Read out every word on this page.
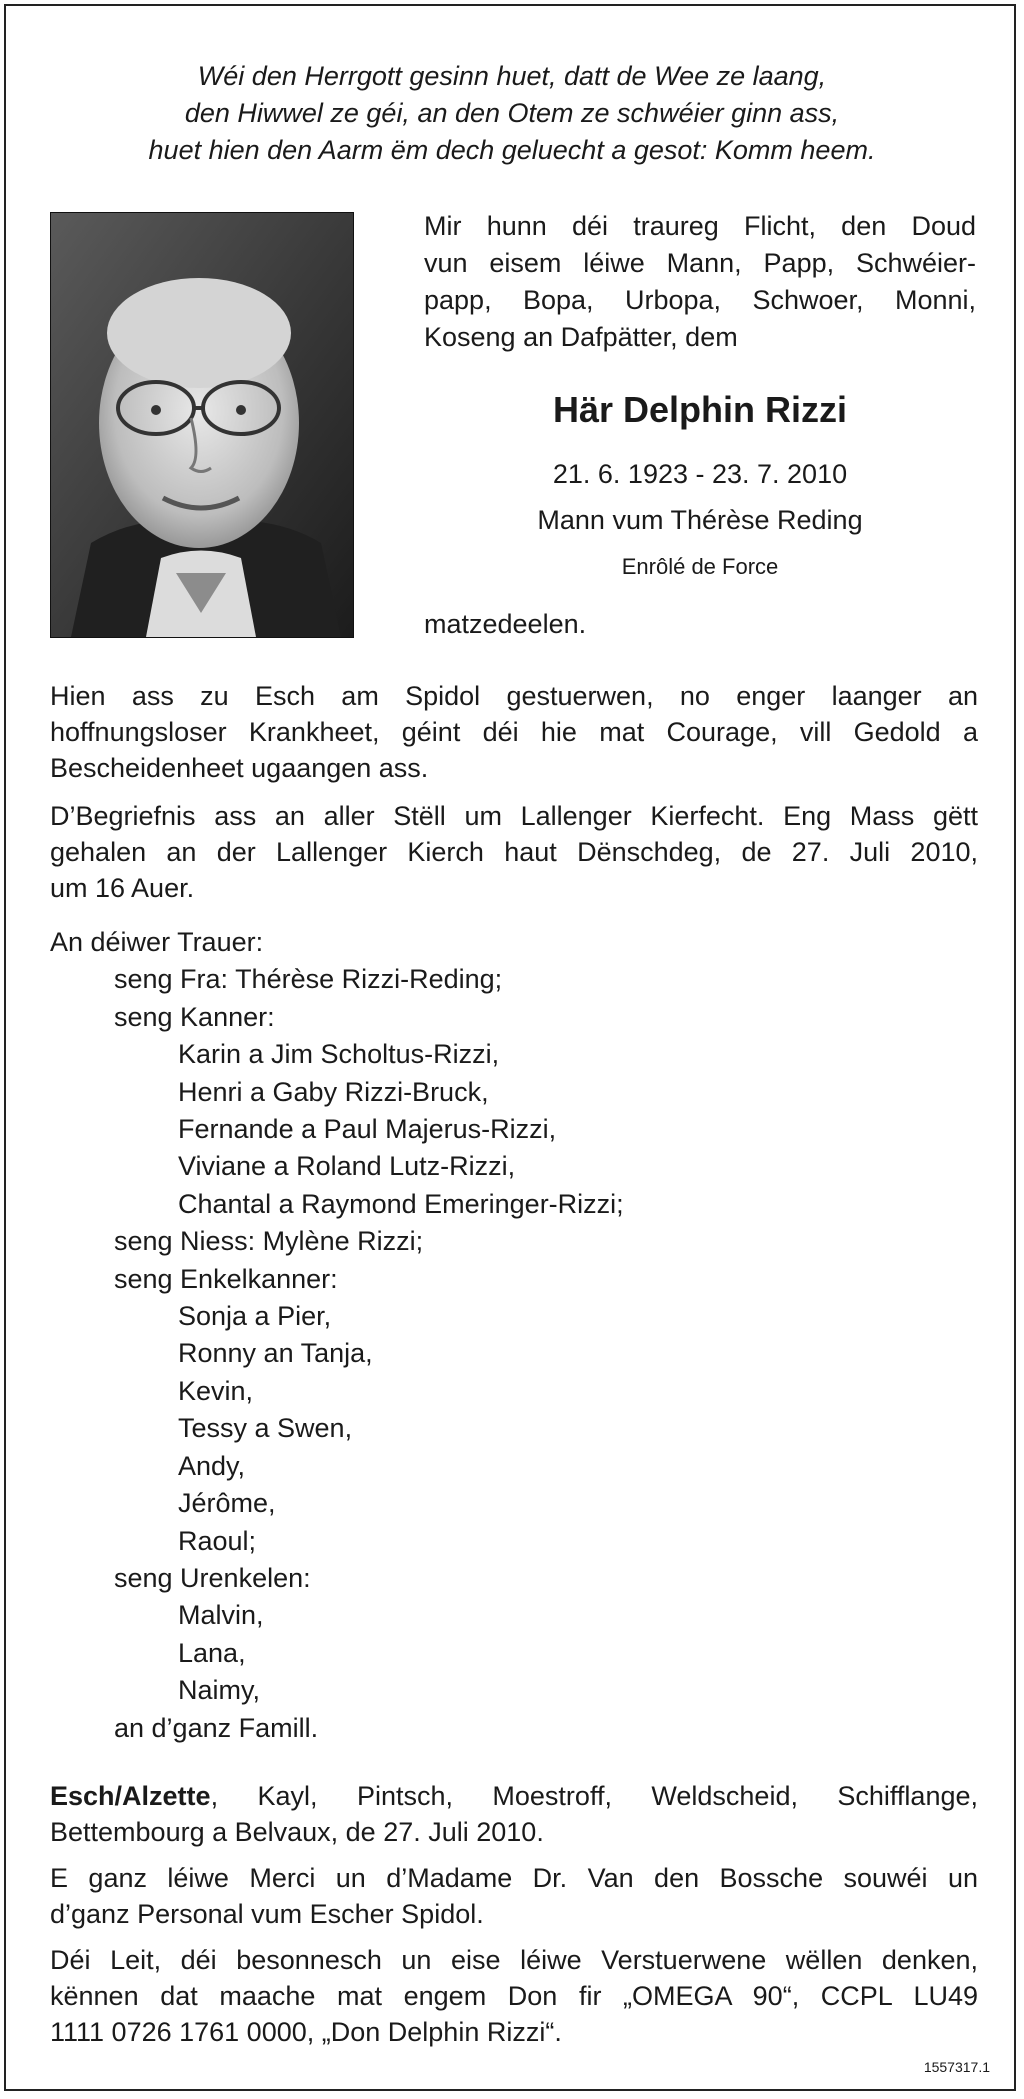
Wéi den Herrgott gesinn huet, datt de Wee ze laang,
den Hiwwel ze géi, an den Otem ze schwéier ginn ass,
huet hien den Aarm ëm dech geluecht a gesot: Komm heem.
Mir hunn déi traureg Flicht, den Doud
vun eisem léiwe Mann, Papp, Schwéier-
papp, Bopa, Urbopa, Schwoer, Monni,
Koseng an Dafpätter, dem
Här Delphin Rizzi
21. 6. 1923 - 23. 7. 2010
Mann vum Thérèse Reding
Enrôlé de Force
matzedeelen.
Hien ass zu Esch am Spidol gestuerwen, no enger laanger an
hoffnungsloser Krankheet, géint déi hie mat Courage, vill Gedold a
Bescheidenheet ugaangen ass.
D’Begriefnis ass an aller Stëll um Lallenger Kierfecht. Eng Mass gëtt
gehalen an der Lallenger Kierch haut Dënschdeg, de 27. Juli 2010,
um 16 Auer.
An déiwer Trauer:
seng Fra: Thérèse Rizzi-Reding;
seng Kanner:
Karin a Jim Scholtus-Rizzi,
Henri a Gaby Rizzi-Bruck,
Fernande a Paul Majerus-Rizzi,
Viviane a Roland Lutz-Rizzi,
Chantal a Raymond Emeringer-Rizzi;
seng Niess: Mylène Rizzi;
seng Enkelkanner:
Sonja a Pier,
Ronny an Tanja,
Kevin,
Tessy a Swen,
Andy,
Jérôme,
Raoul;
seng Urenkelen:
Malvin,
Lana,
Naimy,
an d’ganz Famill.
Esch/Alzette, Kayl, Pintsch, Moestroff, Weldscheid, Schifflange,
Bettembourg a Belvaux, de 27. Juli 2010.
E ganz léiwe Merci un d’Madame Dr. Van den Bossche souwéi un
d’ganz Personal vum Escher Spidol.
Déi Leit, déi besonnesch un eise léiwe Verstuerwene wëllen denken,
kënnen dat maache mat engem Don fir „OMEGA 90“, CCPL LU49
1111 0726 1761 0000, „Don Delphin Rizzi“.
1557317.1
